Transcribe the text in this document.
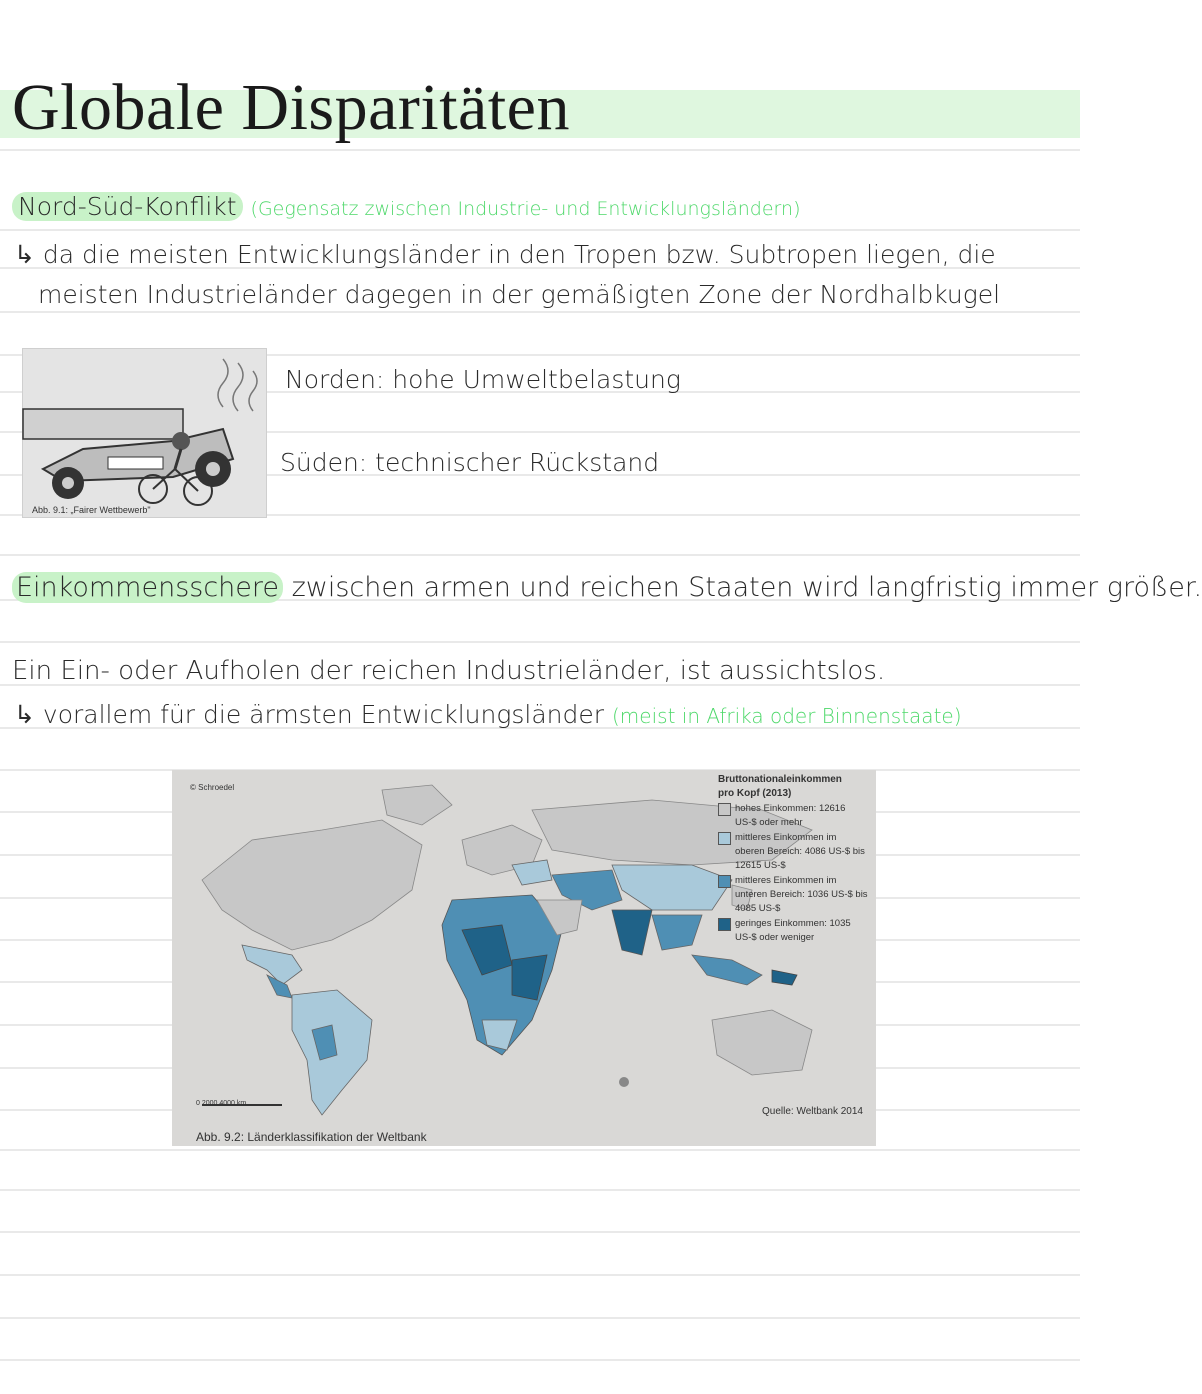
Globale Disparitäten
Nord-Süd-Konflikt (Gegensatz zwischen Industrie- und Entwicklungsländern)
↳ da die meisten Entwicklungsländer in den Tropen bzw. Subtropen liegen, die
meisten Industrieländer dagegen in der gemäßigten Zone der Nordhalbkugel
Abb. 9.1: „Fairer Wettbewerb"
Norden: hohe Umweltbelastung
Süden: technischer Rückstand
Einkommensschere zwischen armen und reichen Staaten wird langfristig immer größer.
Ein Ein- oder Aufholen der reichen Industrieländer, ist aussichtslos.
↳ vorallem für die ärmsten Entwicklungsländer (meist in Afrika oder Binnenstaate)
© Schroedel
Bruttonationaleinkommen
pro Kopf (2013)
hohes Einkommen: 12616 US-$ oder mehr
mittleres Einkommen im oberen Bereich: 4086 US-$ bis 12615 US-$
mittleres Einkommen im unteren Bereich: 1036 US-$ bis 4085 US-$
geringes Einkommen: 1035 US-$ oder weniger
0 2000 4000 km
Quelle: Weltbank 2014
Abb. 9.2: Länderklassifikation der Weltbank
